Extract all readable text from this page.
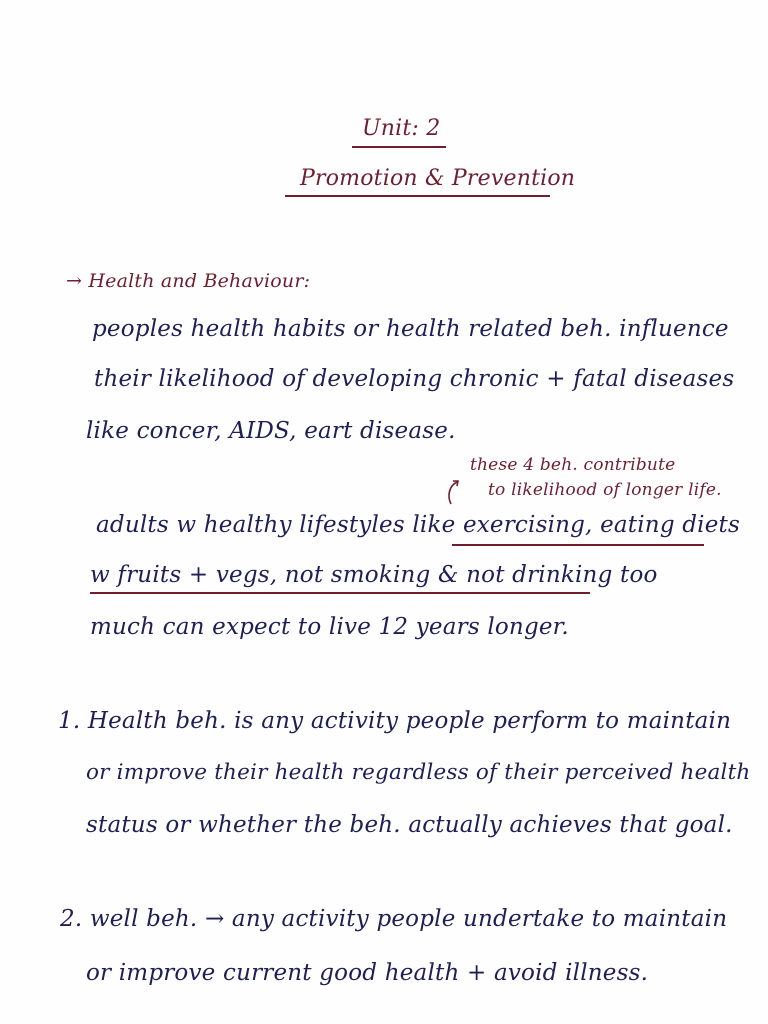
Unit: 2
Promotion & Prevention
→ Health and Behaviour:
peoples health habits or health related beh. influence
their likelihood of developing chronic + fatal diseases
like concer, AIDS, eart disease.
these 4 beh. contribute
to likelihood of longer life.
adults w healthy lifestyles like exercising, eating diets
w fruits + vegs, not smoking & not drinking too
much can expect to live 12 years longer.
1. Health beh. is any activity people perform to maintain
or improve their health regardless of their perceived health
status or whether the beh. actually achieves that goal.
2. well beh. → any activity people undertake to maintain
or improve current good health + avoid illness.
